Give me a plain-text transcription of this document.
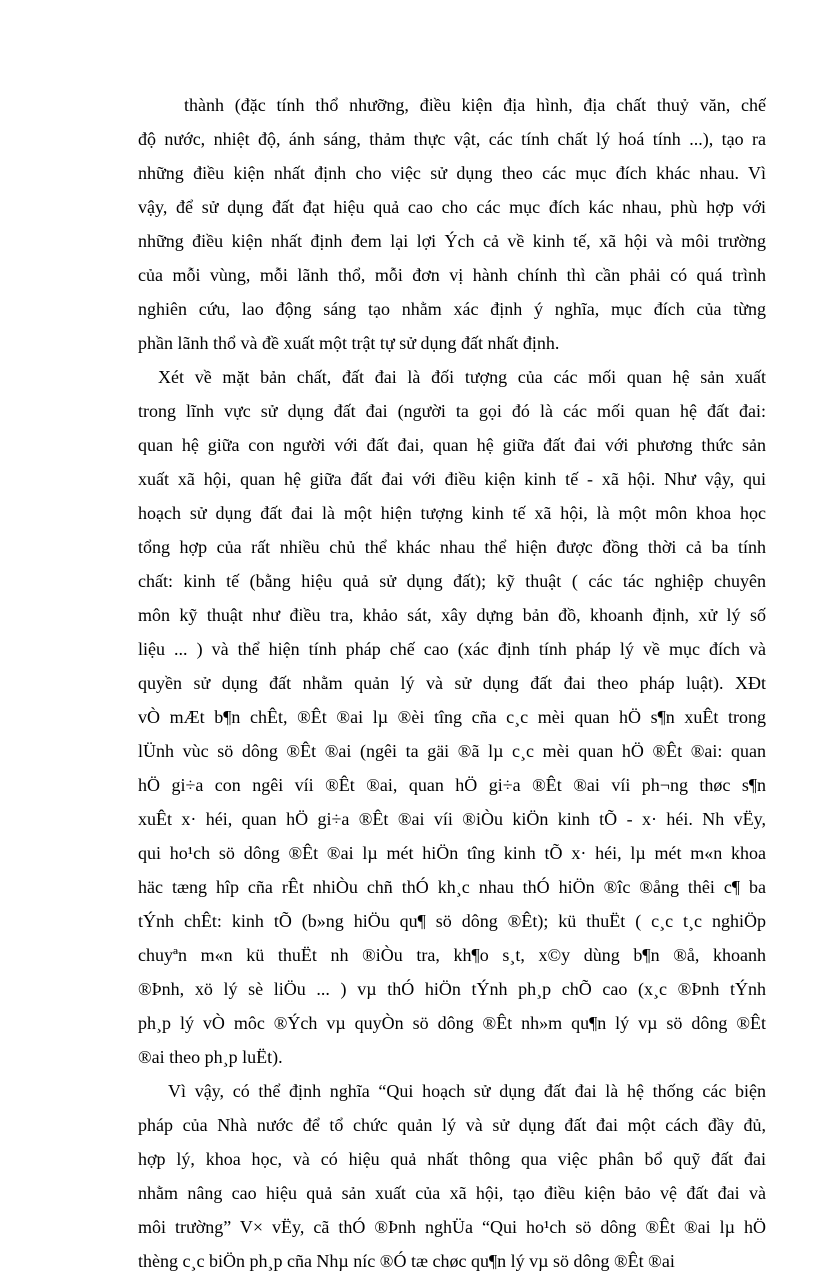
thành (đặc tính thổ nhưỡng, điều kiện địa hình, địa chất thuỷ văn, chế
độ nước, nhiệt độ, ánh sáng, thảm thực vật, các tính chất lý hoá tính ...), tạo ra
những điều kiện nhất định cho việc sử dụng theo các mục đích khác nhau. Vì
vậy, để sử dụng đất đạt hiệu quả cao cho các mục đích kác nhau, phù hợp với
những điều kiện nhất định đem lại lợi Ých cả về kinh tế, xã hội và môi trường
của mỗi vùng, mỗi lãnh thổ, mỗi đơn vị hành chính thì cần phải có quá trình
nghiên cứu, lao động sáng tạo nhằm xác định ý nghĩa, mục đích của từng
phần lãnh thổ và đề xuất một trật tự sử dụng đất nhất định.

Xét về mặt bản chất, đất đai là đối tượng của các mối quan hệ sản xuất
trong lĩnh vực sử dụng đất đai (người ta gọi đó là các mối quan hệ đất đai:
quan hệ giữa con người với đất đai, quan hệ giữa đất đai với phương thức sản
xuất xã hội, quan hệ giữa đất đai với điều kiện kinh tế - xã hội. Như vậy, qui
hoạch sử dụng đất đai là một hiện tượng kinh tế xã hội, là một môn khoa học
tổng hợp của rất nhiều chủ thể khác nhau thể hiện được đồng thời cả ba tính
chất: kinh tế (bằng hiệu quả sử dụng đất); kỹ thuật ( các tác nghiệp chuyên
môn kỹ thuật như điều tra, khảo sát, xây dựng bản đồ, khoanh định, xử lý số
liệu ... ) và thể hiện tính pháp chế cao (xác định tính pháp lý về mục đích và
quyền sử dụng đất nhằm quản lý và sử dụng đất đai theo pháp luật). XÐt
vÒ mÆt b¶n chÊt, ®Êt ®ai lµ ®èi tîng cña c¸c mèi quan hÖ s¶n xuÊt trong
lÜnh vùc sö dông ®Êt ®ai (ngêi ta gäi ®ã lµ c¸c mèi quan hÖ ®Êt ®ai: quan
hÖ gi÷a con ngêi víi ®Êt ®ai, quan hÖ gi÷a ®Êt ®ai víi ph¬ng thøc s¶n
xuÊt x· héi, quan hÖ gi÷a ®Êt ®ai víi ®iÒu kiÖn kinh tÕ - x· héi. Nh vËy,
qui ho¹ch sö dông ®Êt ®ai lµ mét hiÖn tîng kinh tÕ x· héi, lµ mét m«n khoa
häc tæng hîp cña rÊt nhiÒu chñ thÓ kh¸c nhau thÓ hiÖn ®îc ®ång thêi c¶ ba
tÝnh chÊt: kinh tÕ (b»ng hiÖu qu¶ sö dông ®Êt); kü thuËt ( c¸c t¸c nghiÖp
chuyªn m«n kü thuËt nh ®iÒu tra, kh¶o s¸t, x©y dùng b¶n ®å, khoanh
®Þnh, xö lý sè liÖu ... ) vµ thÓ hiÖn tÝnh ph¸p chÕ cao (x¸c ®Þnh tÝnh
ph¸p lý vÒ môc ®Ých vµ quyÒn sö dông ®Êt nh»m qu¶n lý vµ sö dông ®Êt
®ai theo ph¸p luËt).

Vì vậy, có thể định nghĩa “Qui hoạch sử dụng đất đai là hệ thống các biện
pháp của Nhà nước để tổ chức quản lý và sử dụng đất đai một cách đầy đủ,
hợp lý, khoa học, và có hiệu quả nhất thông qua việc phân bổ quỹ đất đai
nhằm nâng cao hiệu quả sản xuất của xã hội, tạo điều kiện bảo vệ đất đai và
môi trường” V× vËy, cã thÓ ®Þnh nghÜa “Qui ho¹ch sö dông ®Êt ®ai lµ hÖ
thèng c¸c biÖn ph¸p cña Nhµ níc ®Ó tæ chøc qu¶n lý vµ sö dông ®Êt ®ai
